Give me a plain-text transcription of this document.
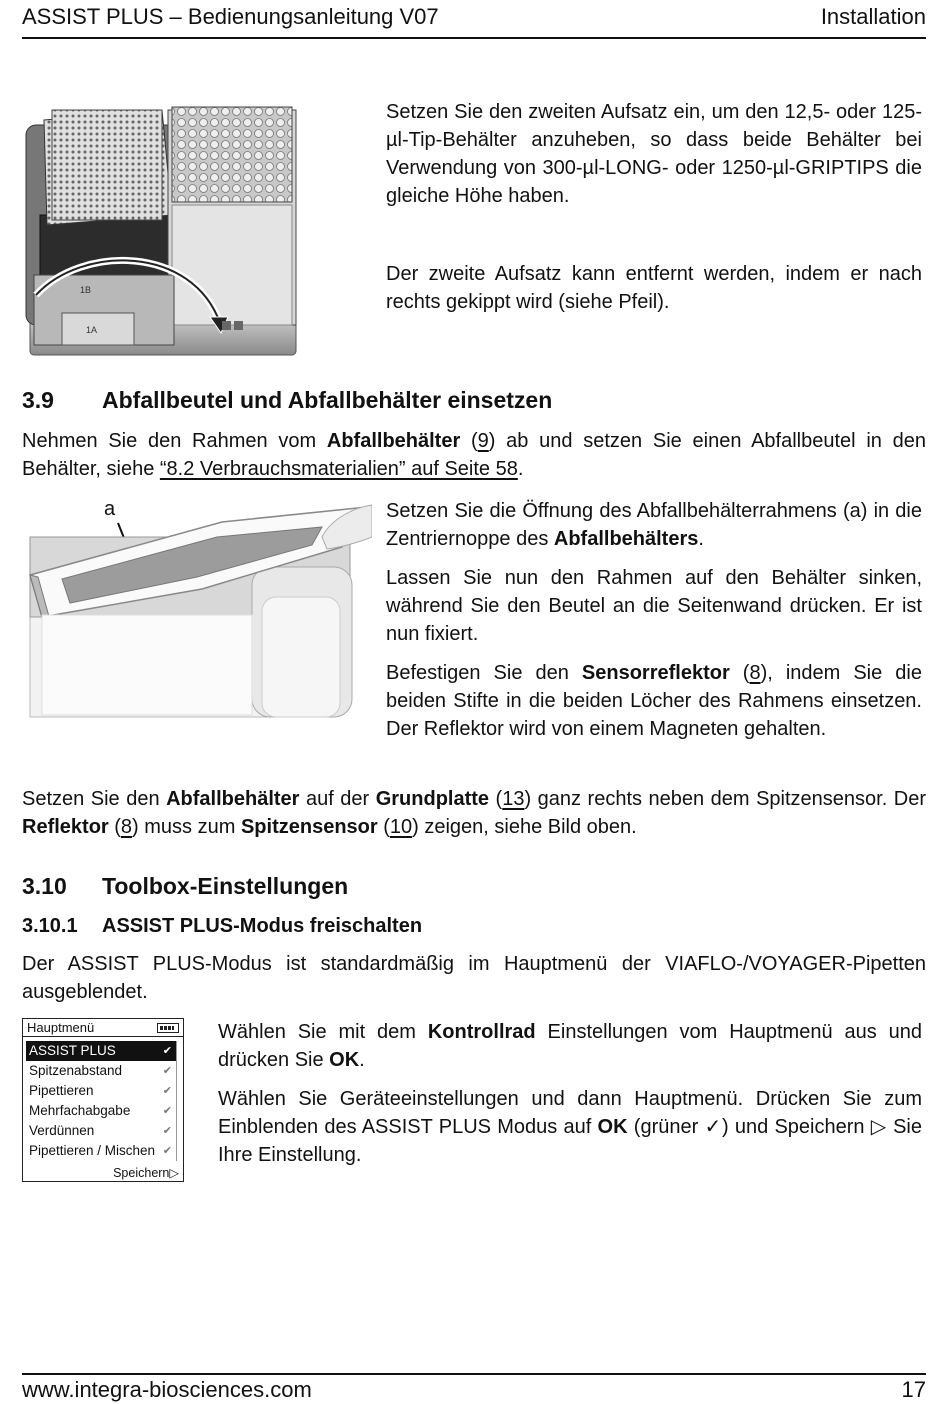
ASSIST PLUS – Bedienungsanleitung V07	Installation
1B
1A
Setzen Sie den zweiten Aufsatz ein, um den 12,5- oder 125-µl-Tip-Behälter anzuheben, so dass beide Behälter bei Verwendung von 300-µl-LONG- oder 1250-µl-GRIPTIPS die gleiche Höhe haben.
Der zweite Aufsatz kann entfernt werden, indem er nach rechts gekippt wird (siehe Pfeil).
3.9 Abfallbeutel und Abfallbehälter einsetzen
Nehmen Sie den Rahmen vom Abfallbehälter (9) ab und setzen Sie einen Abfallbeutel in den Behälter, siehe “8.2 Verbrauchsmaterialien” auf Seite 58.
a	Setzen Sie die Öffnung des Abfallbehälterrahmens (a) in die Zentriernoppe des Abfallbehälters.
Lassen Sie nun den Rahmen auf den Behälter sinken, während Sie den Beutel an die Seitenwand drücken. Er ist nun fixiert.
Befestigen Sie den Sensorreflektor (8), indem Sie die beiden Stifte in die beiden Löcher des Rahmens einsetzen. Der Reflektor wird von einem Magneten gehalten.
Setzen Sie den Abfallbehälter auf der Grundplatte (13) ganz rechts neben dem Spitzensensor. Der Reflektor (8) muss zum Spitzensensor (10) zeigen, siehe Bild oben.
3.10 Toolbox-Einstellungen
3.10.1 ASSIST PLUS-Modus freischalten
Der ASSIST PLUS-Modus ist standardmäßig im Hauptmenü der VIAFLO-/VOYAGER-Pipetten ausgeblendet.
Hauptmenü
ASSIST PLUS	✔
Spitzenabstand	✔
Pipettieren	✔
Mehrfachabgabe	✔
Verdünnen	✔
Pipettieren / Mischen ✔
Speichern▷
Wählen Sie mit dem Kontrollrad Einstellungen vom Hauptmenü aus und drücken Sie OK.
Wählen Sie Geräteeinstellungen und dann Hauptmenü. Drücken Sie zum Einblenden des ASSIST PLUS Modus auf OK (grüner ✓) und Speichern ▷ Sie Ihre Einstellung.
www.integra-biosciences.com	17
